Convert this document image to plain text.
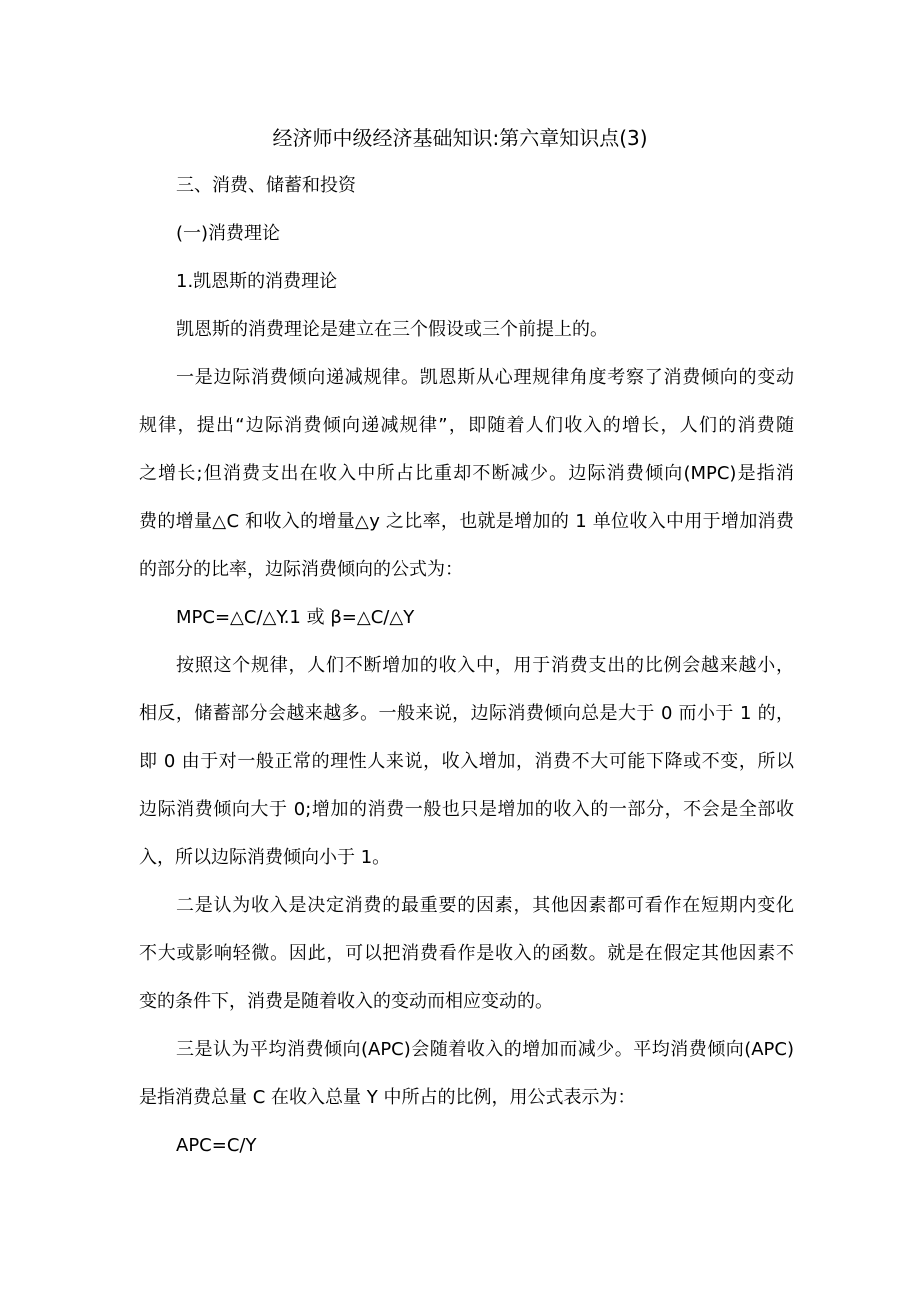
经济师中级经济基础知识:第六章知识点(3)
三、消费、储蓄和投资
(一)消费理论
1.凯恩斯的消费理论
凯恩斯的消费理论是建立在三个假设或三个前提上的。
一是边际消费倾向递减规律。凯恩斯从心理规律角度考察了消费倾向的变动
规律，提出“边际消费倾向递减规律”，即随着人们收入的增长，人们的消费随
之增长;但消费支出在收入中所占比重却不断减少。边际消费倾向(MPC)是指消
费的增量△C 和收入的增量△y 之比率，也就是增加的 1 单位收入中用于增加消费
的部分的比率，边际消费倾向的公式为：
MPC=△C/△Y.1 或 β=△C/△Y
按照这个规律，人们不断增加的收入中，用于消费支出的比例会越来越小，
相反，储蓄部分会越来越多。一般来说，边际消费倾向总是大于 0 而小于 1 的，
即 0 由于对一般正常的理性人来说，收入增加，消费不大可能下降或不变，所以
边际消费倾向大于 0;增加的消费一般也只是增加的收入的一部分，不会是全部收
入，所以边际消费倾向小于 1。
二是认为收入是决定消费的最重要的因素，其他因素都可看作在短期内变化
不大或影响轻微。因此，可以把消费看作是收入的函数。就是在假定其他因素不
变的条件下，消费是随着收入的变动而相应变动的。
三是认为平均消费倾向(APC)会随着收入的增加而减少。平均消费倾向(APC)
是指消费总量 C 在收入总量 Y 中所占的比例，用公式表示为：
APC=C/Y
